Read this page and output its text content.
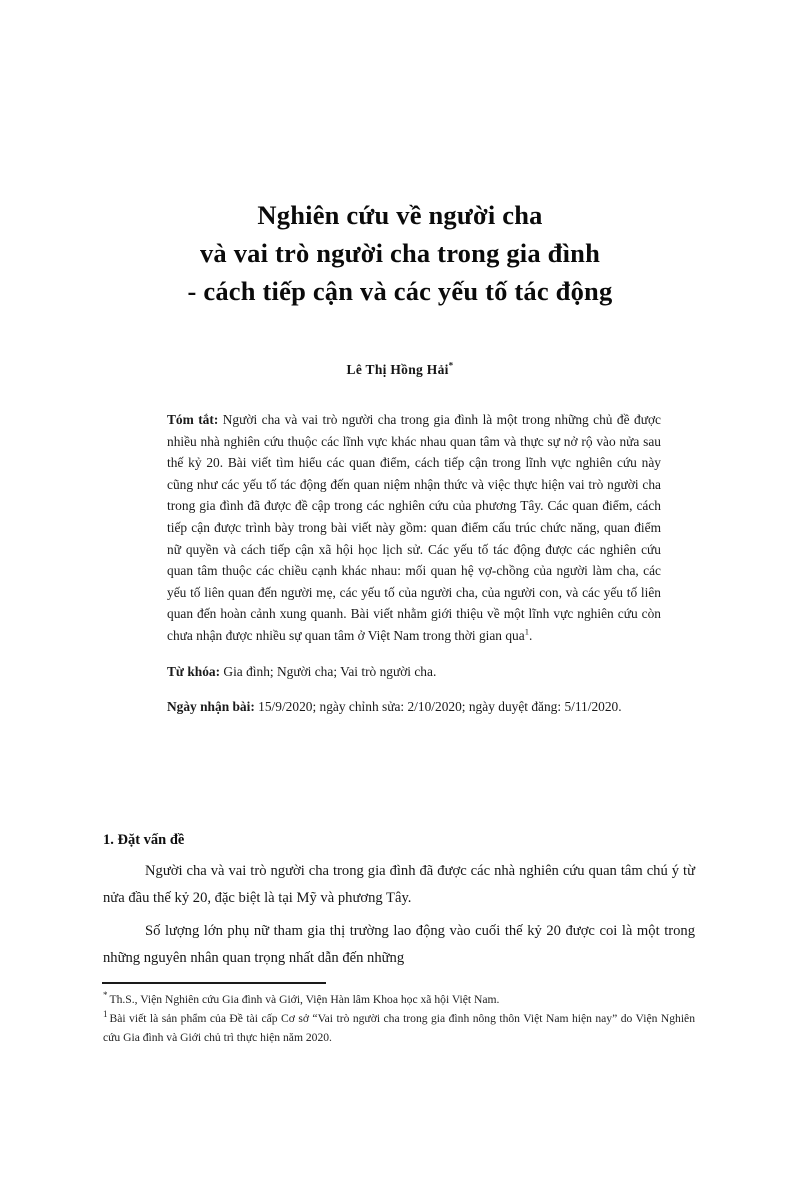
Nghiên cứu về người cha
và vai trò người cha trong gia đình
- cách tiếp cận và các yếu tố tác động
Lê Thị Hồng Hải*

Tóm tắt: Người cha và vai trò người cha trong gia đình là một trong những chủ đề được nhiều nhà nghiên cứu thuộc các lĩnh vực khác nhau quan tâm và thực sự nở rộ vào nửa sau thế kỷ 20. Bài viết tìm hiểu các quan điểm, cách tiếp cận trong lĩnh vực nghiên cứu này cũng như các yếu tố tác động đến quan niệm nhận thức và việc thực hiện vai trò người cha trong gia đình đã được đề cập trong các nghiên cứu của phương Tây. Các quan điểm, cách tiếp cận được trình bày trong bài viết này gồm: quan điểm cấu trúc chức năng, quan điểm nữ quyền và cách tiếp cận xã hội học lịch sử. Các yếu tố tác động được các nghiên cứu quan tâm thuộc các chiều cạnh khác nhau: mối quan hệ vợ-chồng của người làm cha, các yếu tố liên quan đến người mẹ, các yếu tố của người cha, của người con, và các yếu tố liên quan đến hoàn cảnh xung quanh. Bài viết nhằm giới thiệu về một lĩnh vực nghiên cứu còn chưa nhận được nhiều sự quan tâm ở Việt Nam trong thời gian qua$^1$.

Từ khóa: Gia đình; Người cha; Vai trò người cha.

Ngày nhận bài: 15/9/2020; ngày chỉnh sửa: 2/10/2020; ngày duyệt đăng: 5/11/2020.

1. Đặt vấn đề

Người cha và vai trò người cha trong gia đình đã được các nhà nghiên cứu quan tâm chú ý từ nửa đầu thế kỷ 20, đặc biệt là tại Mỹ và phương Tây.

Số lượng lớn phụ nữ tham gia thị trường lao động vào cuối thế kỷ 20 được coi là một trong những nguyên nhân quan trọng nhất dẫn đến những

* Th.S., Viện Nghiên cứu Gia đình và Giới, Viện Hàn lâm Khoa học xã hội Việt Nam.

$^1$ Bài viết là sản phẩm của Đề tài cấp Cơ sở “Vai trò người cha trong gia đình nông thôn Việt Nam hiện nay” do Viện Nghiên cứu Gia đình và Giới chủ trì thực hiện năm 2020.
